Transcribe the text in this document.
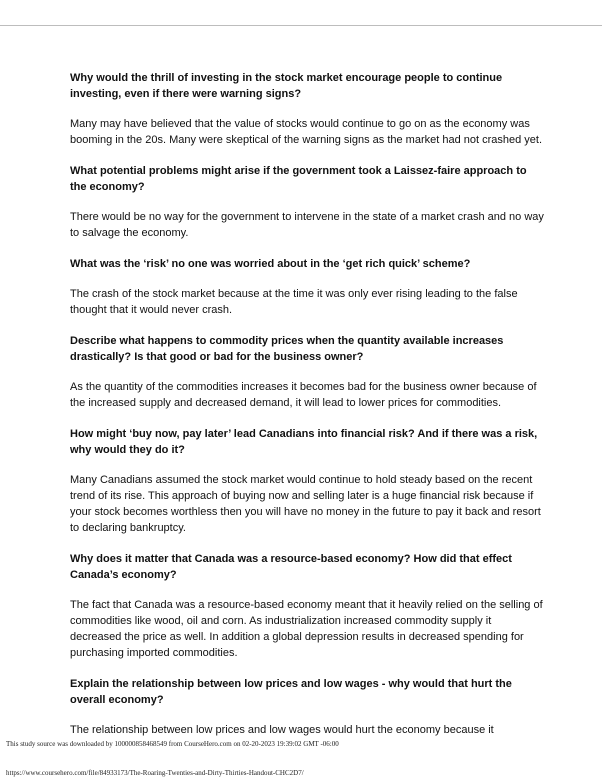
Why would the thrill of investing in the stock market encourage people to continue investing, even if there were warning signs?

Many may have believed that the value of stocks would continue to go on as the economy was booming in the 20s. Many were skeptical of the warning signs as the market had not crashed yet.

What potential problems might arise if the government took a Laissez-faire approach to the economy?

There would be no way for the government to intervene in the state of a market crash and no way to salvage the economy.

What was the ‘risk’ no one was worried about in the ‘get rich quick’ scheme?

The crash of the stock market because at the time it was only ever rising leading to the false thought that it would never crash.

Describe what happens to commodity prices when the quantity available increases drastically? Is that good or bad for the business owner?

As the quantity of the commodities increases it becomes bad for the business owner because of the increased supply and decreased demand, it will lead to lower prices for commodities.

How might ‘buy now, pay later’ lead Canadians into financial risk? And if there was a risk, why would they do it?

Many Canadians assumed the stock market would continue to hold steady based on the recent trend of its rise. This approach of buying now and selling later is a huge financial risk because if your stock becomes worthless then you will have no money in the future to pay it back and resort to declaring bankruptcy.

Why does it matter that Canada was a resource-based economy? How did that effect Canada’s economy?

The fact that Canada was a resource-based economy meant that it heavily relied on the selling of commodities like wood, oil and corn. As industrialization increased commodity supply it decreased the price as well. In addition a global depression results in decreased spending for purchasing imported commodities.

Explain the relationship between low prices and low wages - why would that hurt the overall economy?

The relationship between low prices and low wages would hurt the economy because it

This study source was downloaded by 100000858468549 from CourseHero.com on 02-20-2023 19:39:02 GMT -06:00
https://www.coursehero.com/file/84933173/The-Roaring-Twenties-and-Dirty-Thirties-Handout-CHC2D7/
